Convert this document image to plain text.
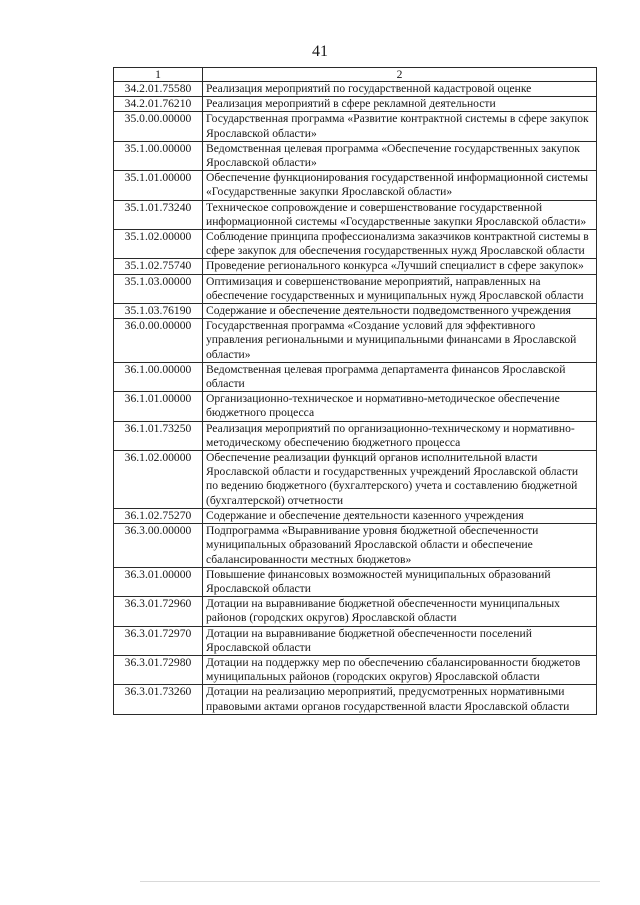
41
1	2
34.2.01.75580	Реализация мероприятий по государственной кадастровой оценке
34.2.01.76210	Реализация мероприятий в сфере рекламной деятельности
35.0.00.00000	Государственная программа «Развитие контрактной системы в сфере закупок Ярославской области»
35.1.00.00000	Ведомственная целевая программа «Обеспечение государственных закупок Ярославской области»
35.1.01.00000	Обеспечение функционирования государственной информационной системы «Государственные закупки Ярославской области»
35.1.01.73240	Техническое сопровождение и совершенствование государственной информационной системы «Государственные закупки Ярославской области»
35.1.02.00000	Соблюдение принципа профессионализма заказчиков контрактной системы в сфере закупок для обеспечения государственных нужд Ярославской области
35.1.02.75740	Проведение регионального конкурса «Лучший специалист в сфере закупок»
35.1.03.00000	Оптимизация и совершенствование мероприятий, направленных на обеспечение государственных и муниципальных нужд Ярославской области
35.1.03.76190	Содержание и обеспечение деятельности подведомственного учреждения
36.0.00.00000	Государственная программа «Создание условий для эффективного управления региональными и муниципальными финансами в Ярославской области»
36.1.00.00000	Ведомственная целевая программа департамента финансов Ярославской области
36.1.01.00000	Организационно-техническое и нормативно-методическое обеспечение бюджетного процесса
36.1.01.73250	Реализация мероприятий по организационно-техническому и нормативно-методическому обеспечению бюджетного процесса
36.1.02.00000	Обеспечение реализации функций органов исполнительной власти Ярославской области и государственных учреждений Ярославской области по ведению бюджетного (бухгалтерского) учета и составлению бюджетной (бухгалтерской) отчетности
36.1.02.75270	Содержание и обеспечение деятельности казенного учреждения
36.3.00.00000	Подпрограмма «Выравнивание уровня бюджетной обеспеченности муниципальных образований Ярославской области и обеспечение сбалансированности местных бюджетов»
36.3.01.00000	Повышение финансовых возможностей муниципальных образований Ярославской области
36.3.01.72960	Дотации на выравнивание бюджетной обеспеченности муниципальных районов (городских округов) Ярославской области
36.3.01.72970	Дотации на выравнивание бюджетной обеспеченности поселений Ярославской области
36.3.01.72980	Дотации на поддержку мер по обеспечению сбалансированности бюджетов муниципальных районов (городских округов) Ярославской области
36.3.01.73260	Дотации на реализацию мероприятий, предусмотренных нормативными правовыми актами органов государственной власти Ярославской области
